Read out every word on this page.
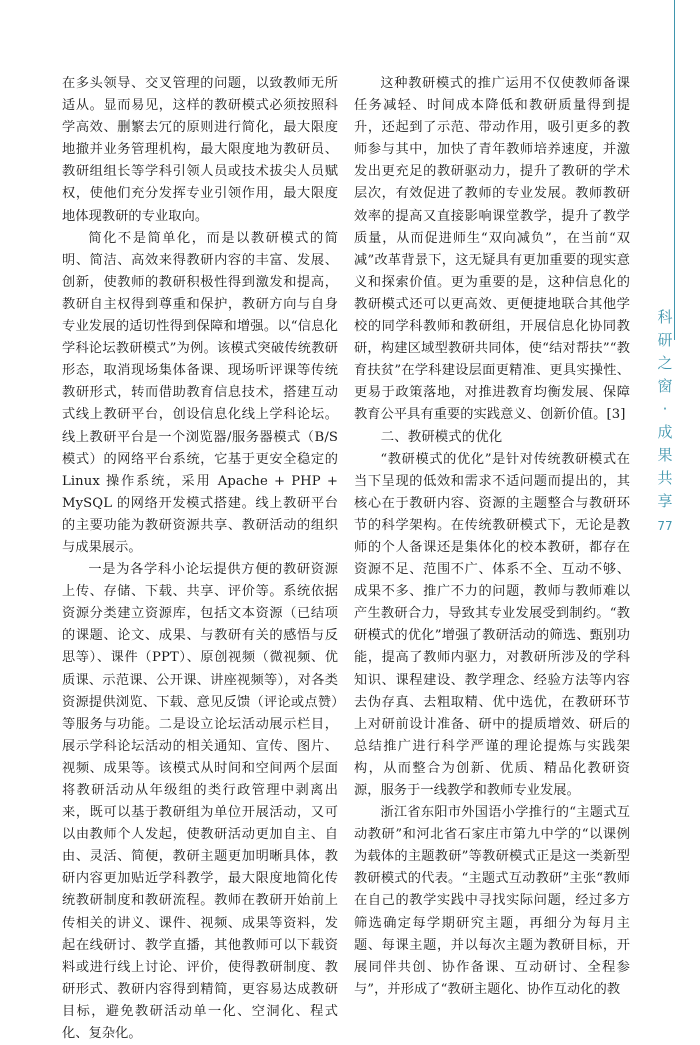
科
研
之
窗
·
成
果
共
享
77

在多头领导、交叉管理的问题，以致教师无所适从。显而易见，这样的教研模式必须按照科学高效、删繁去冗的原则进行简化，最大限度地撤并业务管理机构，最大限度地为教研员、教研组组长等学科引领人员或技术拔尖人员赋权，使他们充分发挥专业引领作用，最大限度地体现教研的专业取向。

简化不是简单化，而是以教研模式的简明、简洁、高效来得教研内容的丰富、发展、创新，使教师的教研积极性得到激发和提高，教研自主权得到尊重和保护，教研方向与自身专业发展的适切性得到保障和增强。以“信息化学科论坛教研模式”为例。该模式突破传统教研形态，取消现场集体备课、现场听评课等传统教研形式，转而借助教育信息技术，搭建互动式线上教研平台，创设信息化线上学科论坛。线上教研平台是一个浏览器/服务器模式（B/S 模式）的网络平台系统，它基于更安全稳定的 Linux 操作系统，采用 Apache + PHP + MySQL 的网络开发模式搭建。线上教研平台的主要功能为教研资源共享、教研活动的组织与成果展示。

一是为各学科小论坛提供方便的教研资源上传、存储、下载、共享、评价等。系统依据资源分类建立资源库，包括文本资源（已结项的课题、论文、成果、与教研有关的感悟与反思等）、课件（PPT）、原创视频（微视频、优质课、示范课、公开课、讲座视频等），对各类资源提供浏览、下载、意见反馈（评论或点赞）等服务与功能。二是设立论坛活动展示栏目，展示学科论坛活动的相关通知、宣传、图片、视频、成果等。该模式从时间和空间两个层面将教研活动从年级组的类行政管理中剥离出来，既可以基于教研组为单位开展活动，又可以由教师个人发起，使教研活动更加自主、自由、灵活、简便，教研主题更加明晰具体，教研内容更加贴近学科教学，最大限度地简化传统教研制度和教研流程。教师在教研开始前上传相关的讲义、课件、视频、成果等资料，发起在线研讨、教学直播，其他教师可以下载资料或进行线上讨论、评价，使得教研制度、教研形式、教研内容得到精简，更容易达成教研目标，避免教研活动单一化、空洞化、程式化、复杂化。

这种教研模式的推广运用不仅使教师备课任务减轻、时间成本降低和教研质量得到提升，还起到了示范、带动作用，吸引更多的教师参与其中，加快了青年教师培养速度，并激发出更充足的教研驱动力，提升了教研的学术层次，有效促进了教师的专业发展。教师教研效率的提高又直接影响课堂教学，提升了教学质量，从而促进师生“双向减负”，在当前“双减”改革背景下，这无疑具有更加重要的现实意义和探索价值。更为重要的是，这种信息化的教研模式还可以更高效、更便捷地联合其他学校的同学科教师和教研组，开展信息化协同教研，构建区域型教研共同体，使“结对帮扶”“教育扶贫”在学科建设层面更精准、更具实操性、更易于政策落地，对推进教育均衡发展、保障教育公平具有重要的实践意义、创新价值。[3]

二、教研模式的优化

“教研模式的优化”是针对传统教研模式在当下呈现的低效和需求不适问题而提出的，其核心在于教研内容、资源的主题整合与教研环节的科学架构。在传统教研模式下，无论是教师的个人备课还是集体化的校本教研，都存在资源不足、范围不广、体系不全、互动不够、成果不多、推广不力的问题，教师与教师难以产生教研合力，导致其专业发展受到制约。“教研模式的优化”增强了教研活动的筛选、甄别功能，提高了教师内驱力，对教研所涉及的学科知识、课程建设、教学理念、经验方法等内容去伪存真、去粗取精、优中选优，在教研环节上对研前设计准备、研中的提质增效、研后的总结推广进行科学严谨的理论提炼与实践架构，从而整合为创新、优质、精品化教研资源，服务于一线教学和教师专业发展。

浙江省东阳市外国语小学推行的“主题式互动教研”和河北省石家庄市第九中学的“以课例为载体的主题教研”等教研模式正是这一类新型教研模式的代表。“主题式互动教研”主张“教师在自己的教学实践中寻找实际问题，经过多方筛选确定每学期研究主题，再细分为每月主题、每课主题，并以每次主题为教研目标，开展同伴共创、协作备课、互动研讨、全程参与”，并形成了“教研主题化、协作互动化的教
